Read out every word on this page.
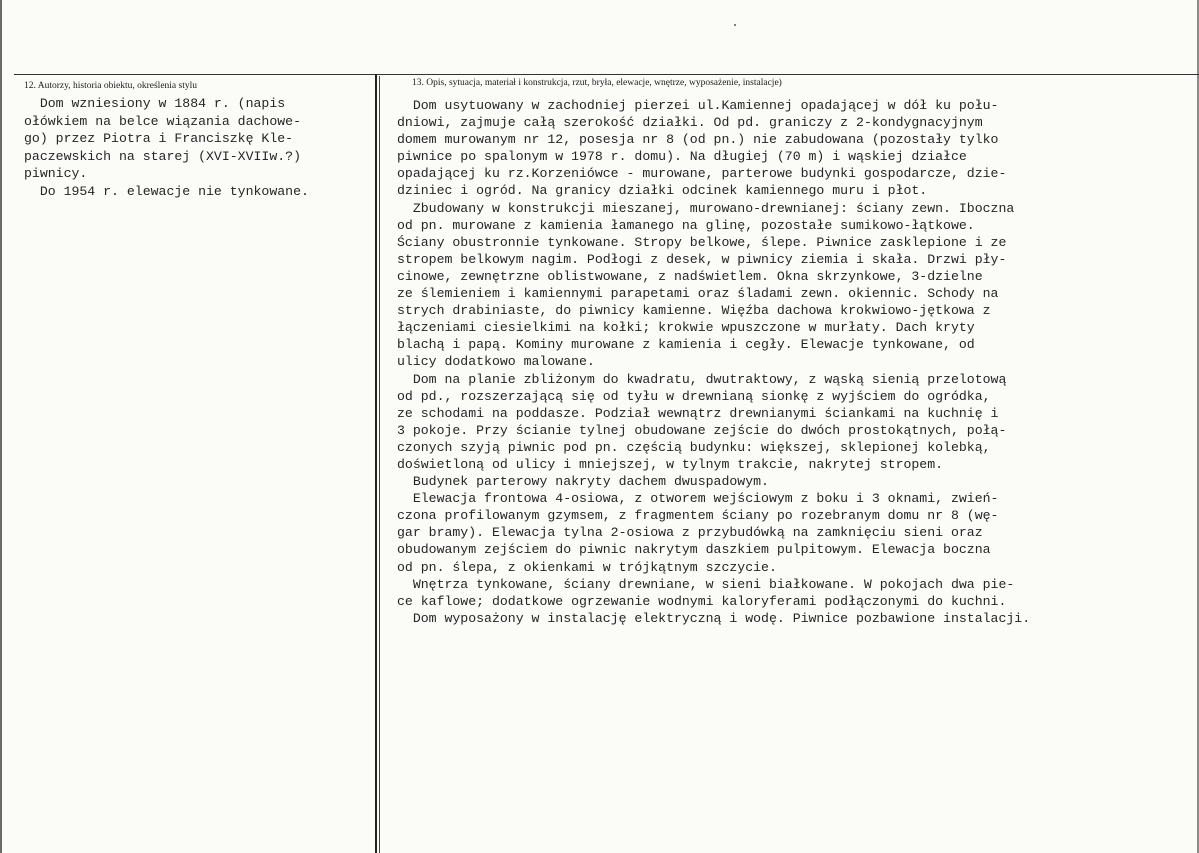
12. Autorzy, historia obiektu, określenia stylu	13. Opis, sytuacja, materiał i konstrukcja, rzut, bryła, elewacje, wnętrze, wyposażenie, instalacje)
Dom wzniesiony w 1884 r. (napis
ołówkiem na belce wiązania dachowe-
go) przez Piotra i Franciszkę Kle-
paczewskich na starej (XVI-XVIIw.?)
piwnicy.
Do 1954 r. elewacje nie tynkowane.
Dom usytuowany w zachodniej pierzei ul.Kamiennej opadającej w dół ku połu-
dniowi, zajmuje całą szerokość działki. Od pd. graniczy z 2-kondygnacyjnym
domem murowanym nr 12, posesja nr 8 (od pn.) nie zabudowana (pozostały tylko
piwnice po spalonym w 1978 r. domu). Na długiej (70 m) i wąskiej działce
opadającej ku rz.Korzeniówce - murowane, parterowe budynki gospodarcze, dzie-
dziniec i ogród. Na granicy działki odcinek kamiennego muru i płot.
Zbudowany w konstrukcji mieszanej, murowano-drewnianej: ściany zewn. Iboczna
od pn. murowane z kamienia łamanego na glinę, pozostałe sumikowo-łątkowe.
Ściany obustronnie tynkowane. Stropy belkowe, ślepe. Piwnice zasklepione i ze
stropem belkowym nagim. Podłogi z desek, w piwnicy ziemia i skała. Drzwi pły-
cinowe, zewnętrzne oblistwowane, z nadświetlem. Okna skrzynkowe, 3-dzielne
ze ślemieniem i kamiennymi parapetami oraz śladami zewn. okiennic. Schody na
strych drabiniaste, do piwnicy kamienne. Więźba dachowa krokwiowo-jętkowa z
łączeniami ciesielkimi na kołki; krokwie wpuszczone w murłaty. Dach kryty
blachą i papą. Kominy murowane z kamienia i cegły. Elewacje tynkowane, od
ulicy dodatkowo malowane.
Dom na planie zbliżonym do kwadratu, dwutraktowy, z wąską sienią przelotową
od pd., rozszerzającą się od tyłu w drewnianą sionkę z wyjściem do ogródka,
ze schodami na poddasze. Podział wewnątrz drewnianymi ściankami na kuchnię i
3 pokoje. Przy ścianie tylnej obudowane zejście do dwóch prostokątnych, połą-
czonych szyją piwnic pod pn. częścią budynku: większej, sklepionej kolebką,
doświetloną od ulicy i mniejszej, w tylnym trakcie, nakrytej stropem.
Budynek parterowy nakryty dachem dwuspadowym.
Elewacja frontowa 4-osiowa, z otworem wejściowym z boku i 3 oknami, zwień-
czona profilowanym gzymsem, z fragmentem ściany po rozebranym domu nr 8 (wę-
gar bramy). Elewacja tylna 2-osiowa z przybudówką na zamknięciu sieni oraz
obudowanym zejściem do piwnic nakrytym daszkiem pulpitowym. Elewacja boczna
od pn. ślepa, z okienkami w trójkątnym szczycie.
Wnętrza tynkowane, ściany drewniane, w sieni białkowane. W pokojach dwa pie-
ce kaflowe; dodatkowe ogrzewanie wodnymi kaloryferami podłączonymi do kuchni.
Dom wyposażony w instalację elektryczną i wodę. Piwnice pozbawione instalacji.
